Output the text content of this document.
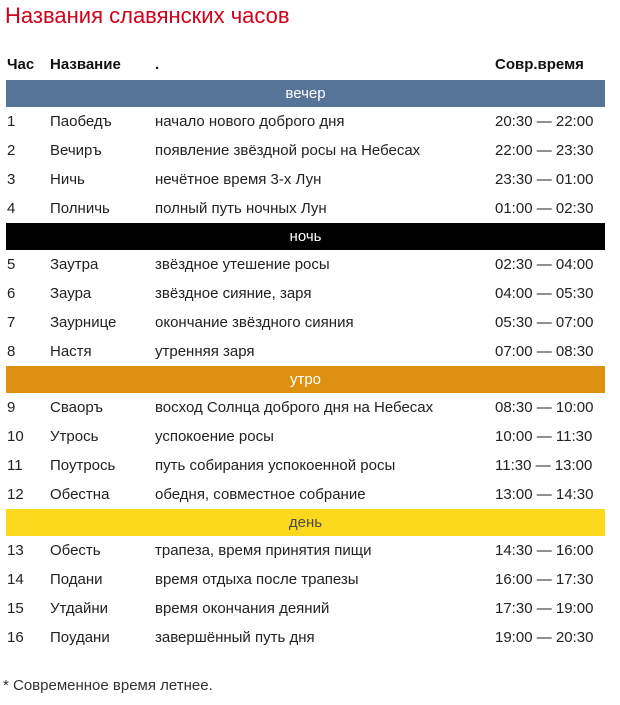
Названия славянских часов
Час	Название	.	Совр.время
вечер			
1	Паобедъ	начало нового доброго дня	20:30 — 22:00
2	Вечиръ	появление звёздной росы на Небесах	22:00 — 23:30
3	Ничь	нечётное время 3-х Лун	23:30 — 01:00
4	Полничь	полный путь ночных Лун	01:00 — 02:30
ночь			
5	Заутра	звёздное утешение росы	02:30 — 04:00
6	Заура	звёздное сияние, заря	04:00 — 05:30
7	Заурнице	окончание звёздного сияния	05:30 — 07:00
8	Настя	утренняя заря	07:00 — 08:30
утро			
9	Сваоръ	восход Солнца доброго дня на Небесах	08:30 — 10:00
10	Утрось	успокоение росы	10:00 — 11:30
11	Поутрось	путь собирания успокоенной росы	11:30 — 13:00
12	Обестна	обедня, совместное собрание	13:00 — 14:30
день			
13	Обесть	трапеза, время принятия пищи	14:30 — 16:00
14	Подани	время отдыха после трапезы	16:00 — 17:30
15	Утдайни	время окончания деяний	17:30 — 19:00
16	Поудани	завершённый путь дня	19:00 — 20:30

* Современное время летнее.
